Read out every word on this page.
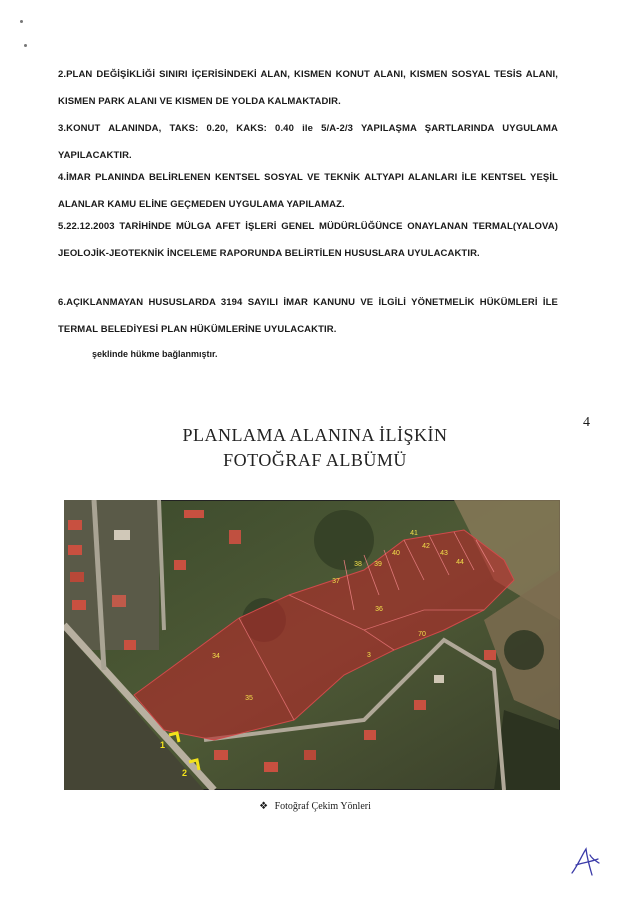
2.PLAN DEĞİŞİKLİĞİ SINIRI İÇERİSİNDEKİ ALAN, KISMEN KONUT ALANI, KISMEN SOSYAL TESİS ALANI, KISMEN PARK ALANI VE KISMEN DE YOLDA KALMAKTADIR.
3.KONUT ALANINDA, TAKS: 0.20, KAKS: 0.40 ile 5/A-2/3 YAPILAŞMA ŞARTLARINDA UYGULAMA YAPILACAKTIR.
4.İMAR PLANINDA BELİRLENEN KENTSEL SOSYAL VE TEKNİK ALTYAPI ALANLARI İLE KENTSEL YEŞİL ALANLAR KAMU ELİNE GEÇMEDEN UYGULAMA YAPILAMAZ.
5.22.12.2003 TARİHİNDE MÜLGA AFET İŞLERİ GENEL MÜDÜRLÜĞÜNCE ONAYLANAN TERMAL(YALOVA) JEOLOJİK-JEOTEKNİK İNCELEME RAPORUNDA BELİRTİLEN HUSUSLARA UYULACAKTIR.
6.AÇIKLANMAYAN HUSUSLARDA 3194 SAYILI İMAR KANUNU VE İLGİLİ YÖNETMELİK HÜKÜMLERİ İLE TERMAL BELEDİYESİ PLAN HÜKÜMLERİNE UYULACAKTIR.
şeklinde hükme bağlanmıştır.
PLANLAMA ALANINA İLİŞKİN
FOTOĞRAF ALBÜMÜ
4
34
35
36
37
38 39
40
41
42
43
44
70
3
1
2
❖ Fotoğraf Çekim Yönleri
